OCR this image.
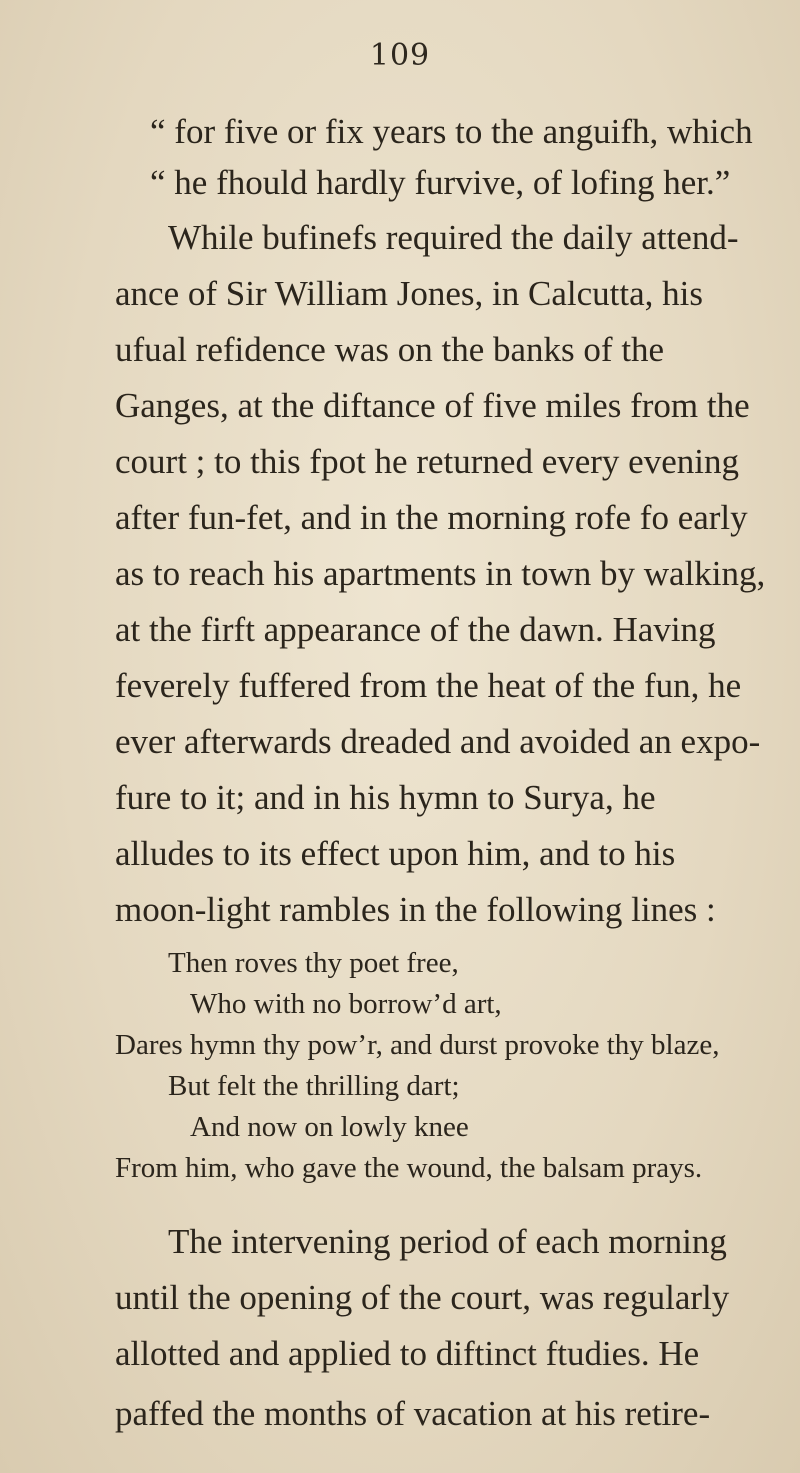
109
“ for five or fix years to the anguifh, which
“ he fhould hardly furvive, of lofing her.”
While bufinefs required the daily attend-
ance of Sir William Jones, in Calcutta, his
ufual refidence was on the banks of the
Ganges, at the diftance of five miles from the
court ; to this fpot he returned every evening
after fun-fet, and in the morning rofe fo early
as to reach his apartments in town by walking,
at the firft appearance of the dawn. Having
feverely fuffered from the heat of the fun, he
ever afterwards dreaded and avoided an expo-
fure to it; and in his hymn to Surya, he
alludes to its effect upon him, and to his
moon-light rambles in the following lines :
Then roves thy poet free,
Who with no borrow’d art,
Dares hymn thy pow’r, and durst provoke thy blaze,
But felt the thrilling dart;
And now on lowly knee
From him, who gave the wound, the balsam prays.
The intervening period of each morning
until the opening of the court, was regularly
allotted and applied to diftinct ftudies. He
paffed the months of vacation at his retire-
